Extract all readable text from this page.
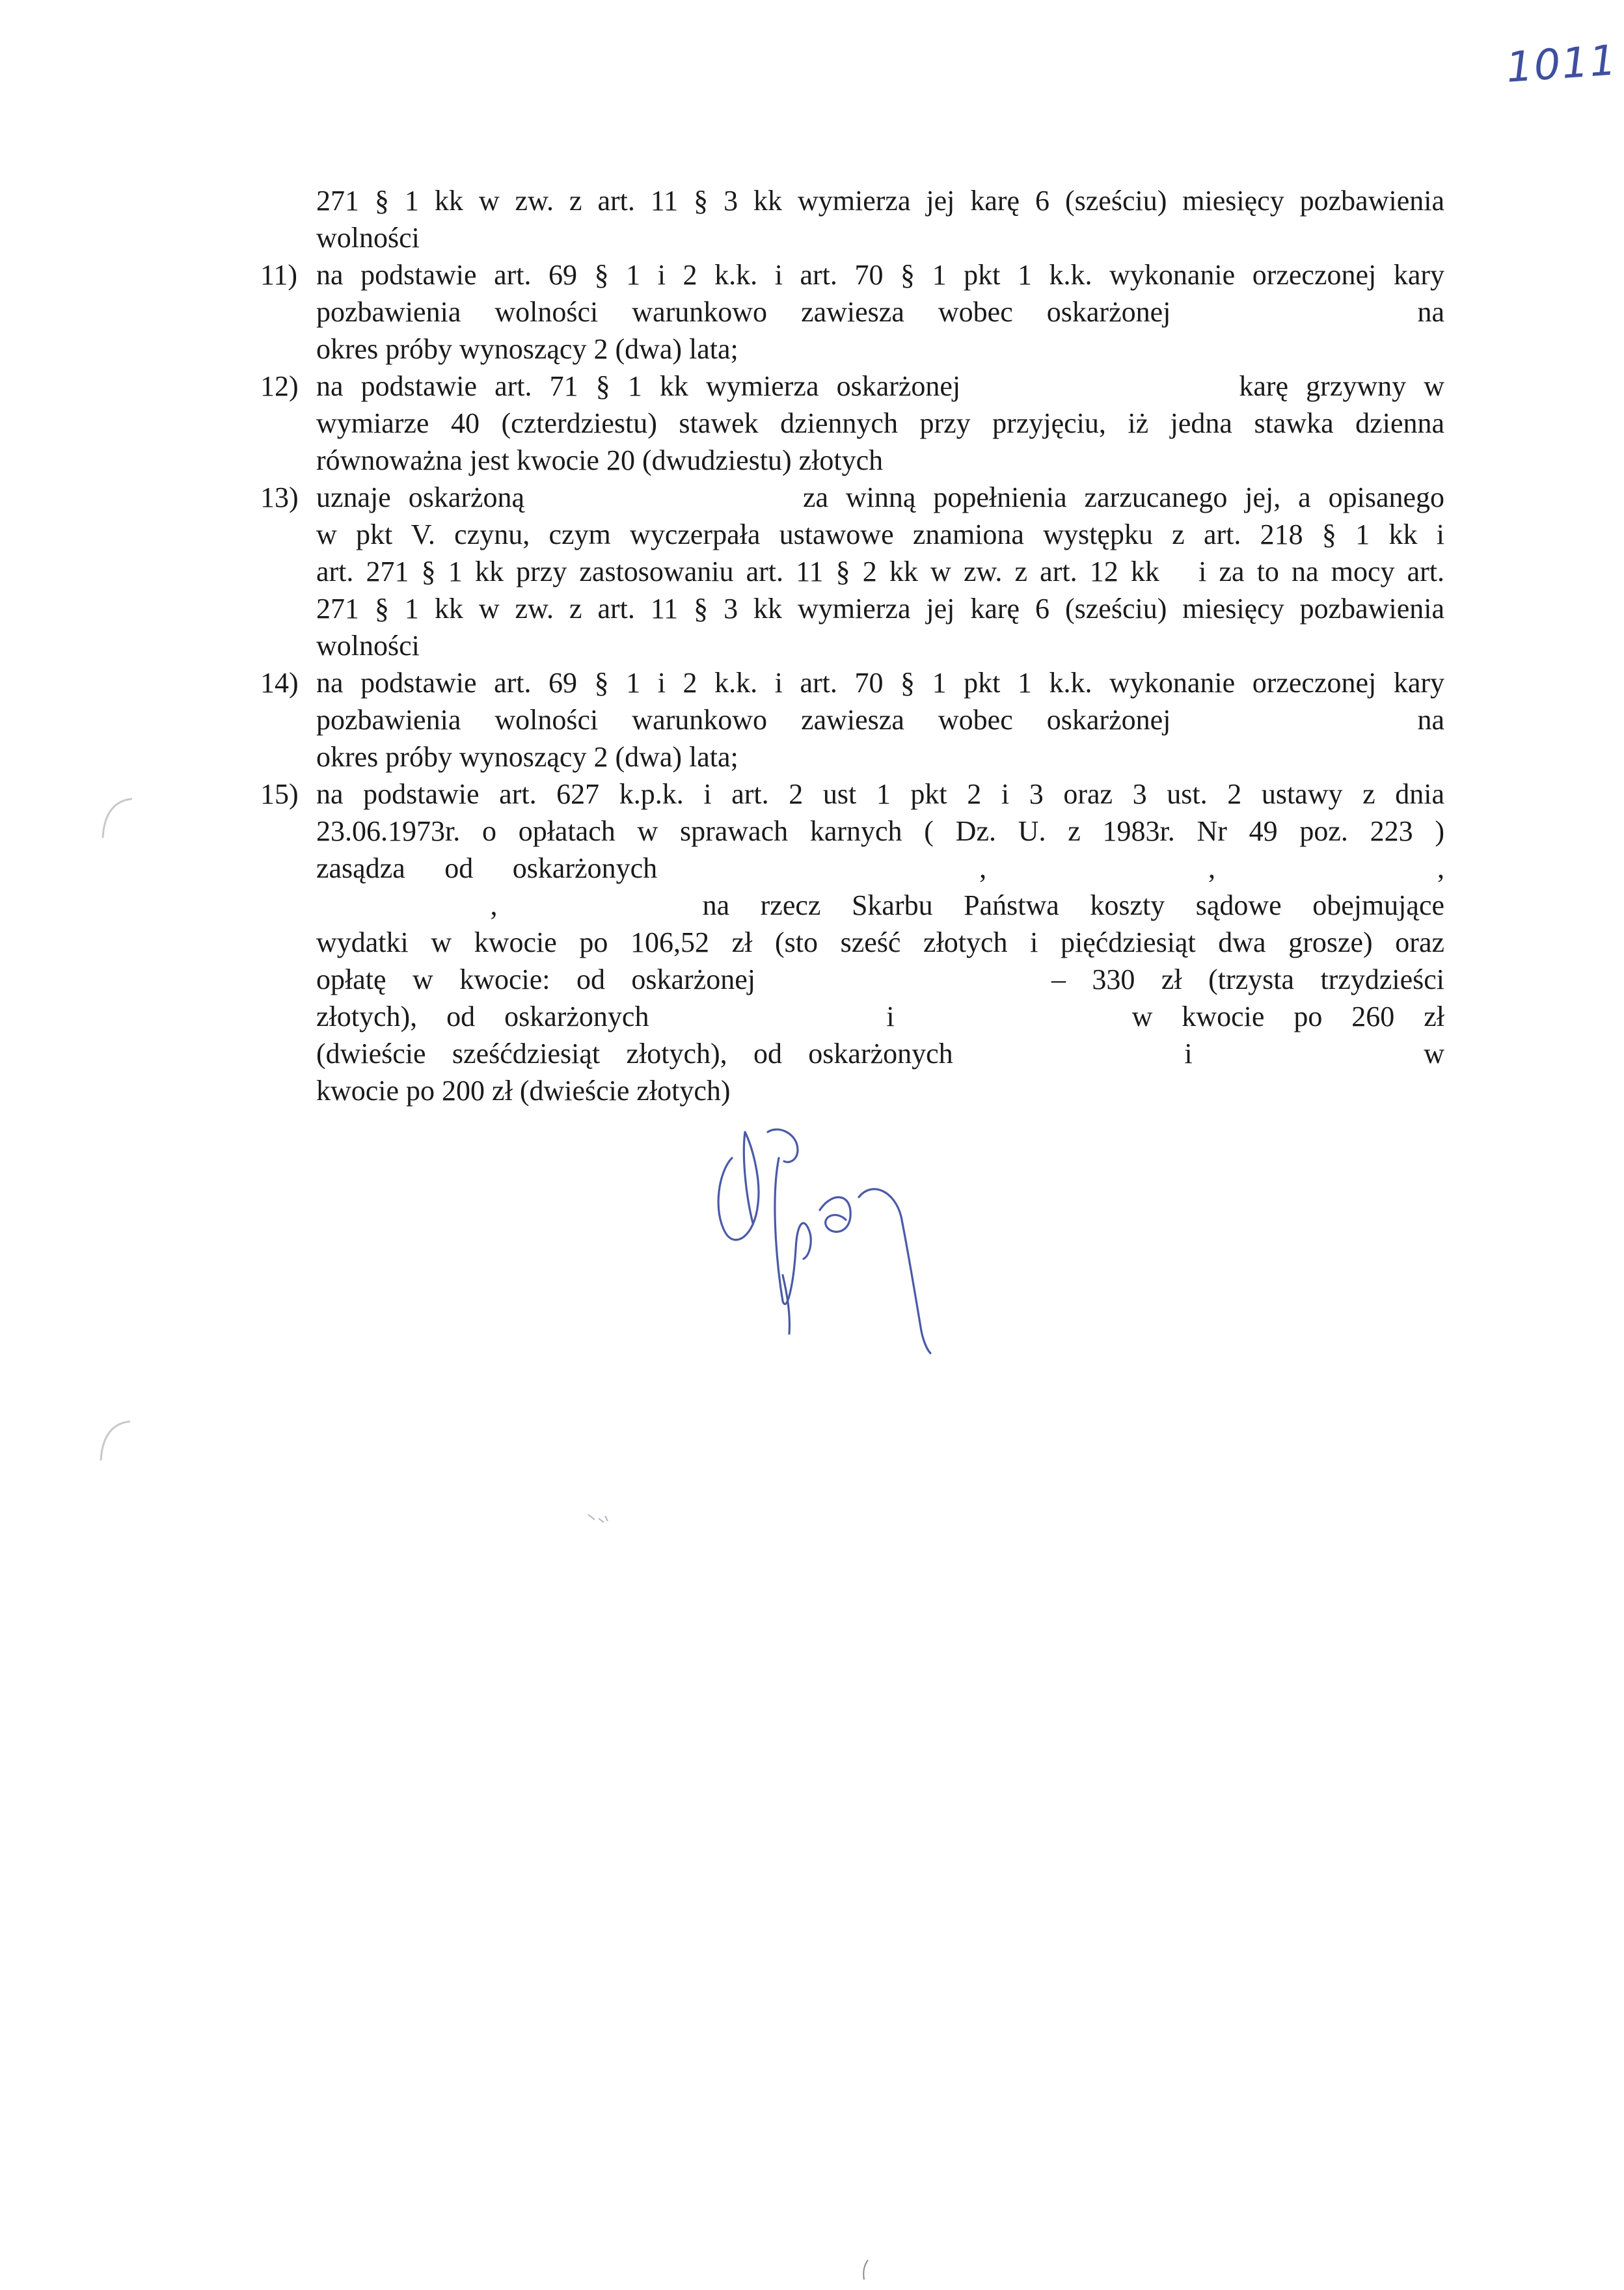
1011
271 § 1 kk w zw. z art. 11 § 3 kk wymierza jej karę 6 (sześciu) miesięcy pozbawienia
wolności
11) na podstawie art. 69 § 1 i 2 k.k. i art. 70 § 1 pkt 1 k.k. wykonanie orzeczonej kary
pozbawienia wolności warunkowo zawiesza wobec oskarżonej	na
okres próby wynoszący 2 (dwa) lata;
12) na podstawie art. 71 § 1 kk wymierza oskarżonej	karę grzywny w
wymiarze 40 (czterdziestu) stawek dziennych przy przyjęciu, iż jedna stawka dzienna
równoważna jest kwocie 20 (dwudziestu) złotych
13) uznaje oskarżoną	za winną popełnienia zarzucanego jej, a opisanego
w pkt V. czynu, czym wyczerpała ustawowe znamiona występku z art. 218 § 1 kk i
art. 271 § 1 kk przy zastosowaniu art. 11 § 2 kk w zw. z art. 12 kk i za to na mocy art.
271 § 1 kk w zw. z art. 11 § 3 kk wymierza jej karę 6 (sześciu) miesięcy pozbawienia
wolności
14) na podstawie art. 69 § 1 i 2 k.k. i art. 70 § 1 pkt 1 k.k. wykonanie orzeczonej kary
pozbawienia wolności warunkowo zawiesza wobec oskarżonej	na
okres próby wynoszący 2 (dwa) lata;
15) na podstawie art. 627 k.p.k. i art. 2 ust 1 pkt 2 i 3 oraz 3 ust. 2 ustawy z dnia
23.06.1973r. o opłatach w sprawach karnych ( Dz. U. z 1983r. Nr 49 poz. 223 )
zasądza od oskarżonych	,	,	,
,	na rzecz Skarbu Państwa koszty sądowe obejmujące
wydatki w kwocie po 106,52 zł (sto sześć złotych i pięćdziesiąt dwa grosze) oraz
opłatę w kwocie: od oskarżonej	– 330 zł (trzysta trzydzieści
złotych), od oskarżonych	i	w kwocie po 260 zł
(dwieście sześćdziesiąt złotych), od oskarżonych	i	w
kwocie po 200 zł (dwieście złotych)
